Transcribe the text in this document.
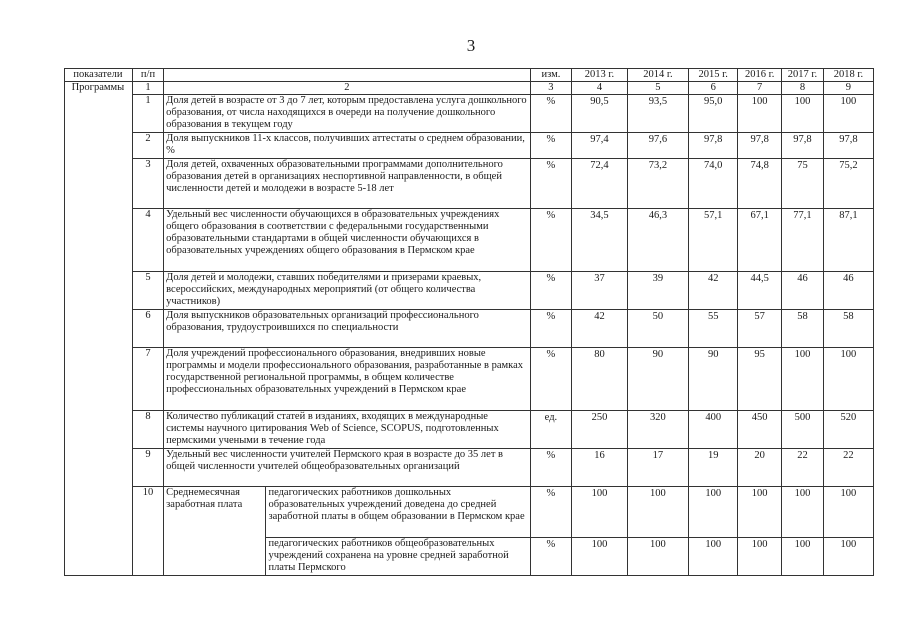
3
показатели	п/п			изм.	2013 г.	2014 г.	2015 г.	2016 г.	2017 г.	2018 г.
Программы	1	2		3	4	5	6	7	8	9
	1	Доля детей в возрасте от 3 до 7 лет, которым предоставлена услуга дошкольного образования, от числа находящихся в очереди на получение дошкольного образования в текущем году		%	90,5	93,5	95,0	100	100	100
	2	Доля выпускников 11-х классов, получивших аттестаты о среднем образовании, %		%	97,4	97,6	97,8	97,8	97,8	97,8
	3	Доля детей, охваченных образовательными программами дополнительного образования детей в организациях неспортивной направленности, в общей численности детей и молодежи в возрасте 5-18 лет		%	72,4	73,2	74,0	74,8	75	75,2
	4	Удельный вес численности обучающихся в образовательных учреждениях общего образования в соответствии с федеральными государственными образовательными стандартами в общей численности обучающихся в образовательных учреждениях общего образования в Пермском крае		%	34,5	46,3	57,1	67,1	77,1	87,1
	5	Доля детей и молодежи, ставших победителями и призерами краевых, всероссийских, международных мероприятий (от общего количества участников)		%	37	39	42	44,5	46	46
	6	Доля выпускников образовательных организаций профессионального образования, трудоустроившихся по специальности		%	42	50	55	57	58	58
	7	Доля учреждений профессионального образования, внедривших новые программы и модели профессионального образования, разработанные в рамках государственной региональной программы, в общем количестве профессиональных образовательных учреждений в Пермском крае		%	80	90	90	95	100	100
	8	Количество публикаций статей в изданиях, входящих в международные системы научного цитирования Web of Science, SCOPUS, подготовленных пермскими учеными в течение года		ед.	250	320	400	450	500	520
	9	Удельный вес численности учителей Пермского края в возрасте до 35 лет в общей численности учителей общеобразовательных организаций		%	16	17	19	20	22	22
	10	Среднемесячная заработная плата	педагогических работников дошкольных образовательных учреждений доведена до средней заработной платы в общем образовании в Пермском крае	%	100	100	100	100	100	100
			педагогических работников общеобразовательных учреждений сохранена на уровне средней заработной платы Пермского	%	100	100	100	100	100	100
